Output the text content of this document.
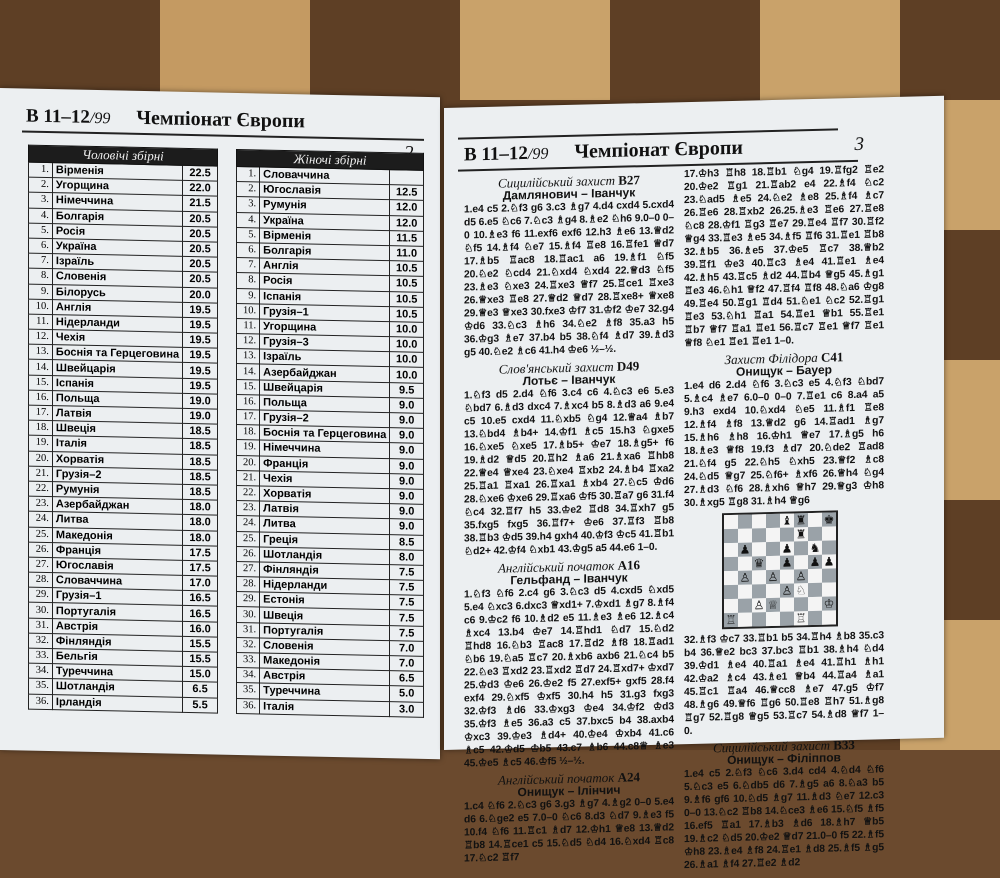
B 11–12/99 Чемпіонат Європи
Чоловічі збірні		
1.	Вірменія	22.5
2.	Угорщина	22.0
3.	Німеччина	21.5
4.	Болгарія	20.5
5.	Росія	20.5
6.	Україна	20.5
7.	Ізраїль	20.5
8.	Словенія	20.5
9.	Білорусь	20.0
10.	Англія	19.5
11.	Нідерланди	19.5
12.	Чехія	19.5
13.	Боснія та Герцеговина	19.5
14.	Швейцарія	19.5
15.	Іспанія	19.5
16.	Польща	19.0
17.	Латвія	19.0
18.	Швеція	18.5
19.	Італія	18.5
20.	Хорватія	18.5
21.	Грузія–2	18.5
22.	Румунія	18.5
23.	Азербайджан	18.0
24.	Литва	18.0
25.	Македонія	18.0
26.	Франція	17.5
27.	Югославія	17.5
28.	Словаччина	17.0
29.	Грузія–1	16.5
30.	Португалія	16.5
31.	Австрія	16.0
32.	Фінляндія	15.5
33.	Бельгія	15.5
34.	Туреччина	15.0
35.	Шотландія	6.5
36.	Ірландія	5.5
Жіночі збірні		
1.	Словаччина	
2.	Югославія	12.5
3.	Румунія	12.0
4.	Україна	12.0
5.	Вірменія	11.5
6.	Болгарія	11.0
7.	Англія	10.5
8.	Росія	10.5
9.	Іспанія	10.5
10.	Грузія–1	10.5
11.	Угорщина	10.0
12.	Грузія–3	10.0
13.	Ізраїль	10.0
14.	Азербайджан	10.0
15.	Швейцарія	9.5
16.	Польща	9.0
17.	Грузія–2	9.0
18.	Боснія та Герцеговина	9.0
19.	Німеччина	9.0
20.	Франція	9.0
21.	Чехія	9.0
22.	Хорватія	9.0
23.	Латвія	9.0
24.	Литва	9.0
25.	Греція	8.5
26.	Шотландія	8.0
27.	Фінляндія	7.5
28.	Нідерланди	7.5
29.	Естонія	7.5
30.	Швеція	7.5
31.	Португалія	7.5
32.	Словенія	7.0
33.	Македонія	7.0
34.	Австрія	6.5
35.	Туреччина	5.0
36.	Італія	3.0
B 11–12/99 Чемпіонат Європи	3
Сицилійський захист B27
Дамлянович – Іванчук
1.e4 c5 2.♘f3 g6 3.c3 ♗g7 4.d4 cxd4 5.cxd4 d5 6.e5 ♘c6 7.♘c3 ♗g4 8.♗e2 ♘h6 9.0–0 0–0 10.♗e3 f6 11.exf6 exf6 12.h3 ♗e6 13.♕d2 ♘f5 14.♗f4 ♘e7 15.♗f4 ♖e8 16.♖fe1 ♕d7 17.♗b5 ♖ac8 18.♖ac1 a6 19.♗f1 ♘f5 20.♘e2 ♘cd4 21.♘xd4 ♘xd4 22.♕d3 ♘f5 23.♗e3 ♘xe3 24.♖xe3 ♕f7 25.♖ce1 ♖xe3 26.♕xe3 ♖e8 27.♕d2 ♕d7 28.♖xe8+ ♕xe8 29.♕e3 ♕xe3 30.fxe3 ♔f7 31.♔f2 ♔e7 32.g4 ♔d6 33.♘c3 ♗h6 34.♘e2 ♗f8 35.a3 h5 36.♔g3 ♗e7 37.b4 b5 38.♘f4 ♗d7 39.♗d3 g5 40.♘e2 ♗c6 41.h4 ♔e6 ½–½.
Слов'янський захист D49
Лотьє – Іванчук
1.♘f3 d5 2.d4 ♘f6 3.c4 c6 4.♘c3 e6 5.e3 ♘bd7 6.♗d3 dxc4 7.♗xc4 b5 8.♗d3 a6 9.e4 c5 10.e5 cxd4 11.♘xb5 ♘g4 12.♕a4 ♗b7 13.♘bd4 ♗b4+ 14.♔f1 ♗c5 15.h3 ♘gxe5 16.♘xe5 ♘xe5 17.♗b5+ ♔e7 18.♗g5+ f6 19.♗d2 ♕d5 20.♖h2 ♗a6 21.♗xa6 ♖hb8 22.♕e4 ♕xe4 23.♘xe4 ♖xb2 24.♗b4 ♖xa2 25.♖a1 ♖xa1 26.♖xa1 ♗xb4 27.♘c5 ♔d6 28.♘xe6 ♔xe6 29.♖xa6 ♔f5 30.♖a7 g6 31.f4 ♘c4 32.♖f7 h5 33.♔e2 ♖d8 34.♖xh7 g5 35.fxg5 fxg5 36.♖f7+ ♔e6 37.♖f3 ♖b8 38.♖b3 ♔d5 39.h4 gxh4 40.♔f3 ♔c5 41.♖b1 ♘d2+ 42.♔f4 ♘xb1 43.♔g5 a5 44.e6 1–0.
Англійський початок A16
Гельфанд – Іванчук
1.♘f3 ♘f6 2.c4 g6 3.♘c3 d5 4.cxd5 ♘xd5 5.e4 ♘xc3 6.dxc3 ♕xd1+ 7.♔xd1 ♗g7 8.♗f4 c6 9.♔c2 f6 10.♗d2 e5 11.♗e3 ♗e6 12.♗c4 ♗xc4 13.b4 ♔e7 14.♖hd1 ♘d7 15.♘d2 ♖hd8 16.♘b3 ♖ac8 17.♖d2 ♗f8 18.♖ad1 ♘b6 19.♘a5 ♖c7 20.♗xb6 axb6 21.♘c4 b5 22.♘e3 ♖xd2 23.♖xd2 ♖d7 24.♖xd7+ ♔xd7 25.♔d3 ♔e6 26.♔e2 f5 27.exf5+ gxf5 28.f4 exf4 29.♘xf5 ♔xf5 30.h4 h5 31.g3 fxg3 32.♔f3 ♗d6 33.♔xg3 ♔e4 34.♔f2 ♔d3 35.♔f3 ♗e5 36.a3 c5 37.bxc5 b4 38.axb4 ♔xc3 39.♔e3 ♗d4+ 40.♔e4 ♔xb4 41.c6 ♗c5 42.♔d5 ♔b5 43.c7 ♗b6 44.c8♕ ♗e3 45.♔e5 ♗c5 46.♔f5 ½–½.
Англійський початок A24
Онищук – Ілінчич
1.c4 ♘f6 2.♘c3 g6 3.g3 ♗g7 4.♗g2 0–0 5.e4 d6 6.♘ge2 e5 7.0–0 ♘c6 8.d3 ♘d7 9.♗e3 f5 10.f4 ♘f6 11.♖c1 ♗d7 12.♔h1 ♕e8 13.♕d2 ♖b8 14.♖ce1 c5 15.♘d5 ♘d4 16.♘xd4 ♖c8 17.♘c2 ♖f7
17.♔h3 ♖h8 18.♖b1 ♘g4 19.♖fg2 ♖e2 20.♔e2 ♖g1 21.♖ab2 e4 22.♗f4 ♘c2 23.♘ad5 ♗e5 24.♘e2 ♗e8 25.♗f4 ♗c7 26.♖e6 28.♖xb2 26.25.♗e3 ♖e6 27.♖e8 ♘c8 28.♔f1 ♖g3 ♖e7 29.♖e4 ♖f7 30.♖f2 ♕g4 33.♖e3 ♗e5 34.♗f5 ♖f6 31.♖e1 ♖b8 32.♗b5 36.♗e5 37.♔e5 ♖c7 38.♕b2 39.♖f1 ♔e3 40.♖c3 ♗e4 41.♖e1 ♗e4 42.♗h5 43.♖c5 ♗d2 44.♖b4 ♕g5 45.♗g1 ♖e3 46.♘h1 ♕f2 47.♖f4 ♖f8 48.♘a6 ♔g8 49.♖e4 50.♖g1 ♖d4 51.♘e1 ♘c2 52.♖g1 ♖e3 53.♘h1 ♖a1 54.♖e1 ♕b1 55.♖e1 ♖b7 ♕f7 ♖a1 ♖e1 56.♖c7 ♖e1 ♕f7 ♖e1 ♕f8 ♘e1 ♖e1 ♖e1 1–0.
Захист Філідора C41
Онищук – Бауер
1.e4 d6 2.d4 ♘f6 3.♘c3 e5 4.♘f3 ♘bd7 5.♗c4 ♗e7 6.0–0 0–0 7.♖e1 c6 8.a4 a5 9.h3 exd4 10.♘xd4 ♘e5 11.♗f1 ♖e8 12.♗f4 ♗f8 13.♕d2 g6 14.♖ad1 ♗g7 15.♗h6 ♗h8 16.♔h1 ♕e7 17.♗g5 h6 18.♗e3 ♕f8 19.f3 ♗d7 20.♘de2 ♖ad8 21.♘f4 g5 22.♘h5 ♘xh5 23.♕f2 ♗c8 24.♘d5 ♕g7 25.♘f6+ ♗xf6 26.♕h4 ♘g4 27.♗d3 ♘f6 28.♗xh6 ♕h7 29.♕g3 ♔h8 30.♗xg5 ♖g8 31.♗h4 ♕g6
♝ ♜ ♚
♜
♟	♟ ♞
♛ ♟ ♟ ♟
♙ ♙ ♙
♙ ♘
♙ ♕	♔
♖	♖
32.♗f3 ♔c7 33.♖b1 b5 34.♖h4 ♗b8 35.c3 b4 36.♕e2 bc3 37.bc3 ♖b1 38.♗h4 ♘d4 39.♔d1 ♗e4 40.♖a1 ♗e4 41.♖h1 ♗h1 42.♔a2 ♗c4 43.♗e1 ♕b4 44.♖a4 ♗a1 45.♖c1 ♖a4 46.♕cc8 ♗e7 47.g5 ♔f7 48.♗g6 49.♕f6 ♖g6 50.♖e8 ♖h7 51.♗g8 ♖g7 52.♖g8 ♕g5 53.♖c7 54.♗d8 ♕f7 1–0.
Сицилійський захист B33
Онищук – Філіппов
1.e4 c5 2.♘f3 ♘c6 3.d4 cd4 4.♘d4 ♘f6 5.♘c3 e5 6.♘db5 d6 7.♗g5 a6 8.♘a3 b5 9.♗f6 gf6 10.♘d5 ♗g7 11.♗d3 ♘e7 12.c3 0–0 13.♘c2 ♖b8 14.♘ce3 ♗e6 15.♘f5 ♗f5 16.ef5 ♖a1 17.♗b3 ♗d6 18.♗h7 ♕b5 19.♗c2 ♘d5 20.♔e2 ♕d7 21.0–0 f5 22.♗f5 ♔h8 23.♗e4 ♗f8 24.♖e1 ♗d8 25.♗f5 ♗g5 26.♗a1 ♗f4 27.♖e2 ♗d2
